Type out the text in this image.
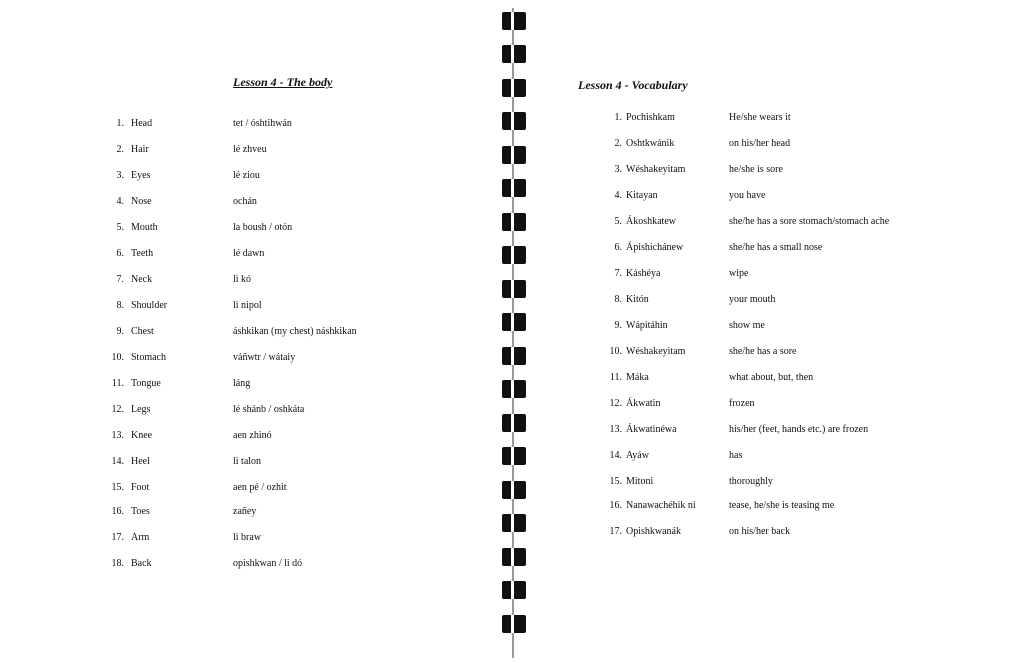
Lesson 4 - The body
1. Head	tet / óshtihwán
2. Hair	lé zhveu
3. Eyes	lé ziou
4. Nose	ochán
5. Mouth	la boush / otón
6. Teeth	lé dawn
7. Neck	li kó
8. Shoulder	li nipol
9. Chest	áshkikan (my chest) náshkikan
10. Stomach	váñwtr / wátaiy
11. Tongue	láng
12. Legs	lé shánb / oshkáta
13. Knee	aen zhinó
14. Heel	li talon
15. Foot	aen pé / ozhit
16. Toes	zañey
17. Arm	li braw
18. Back	opishkwan / li dó
Lesson 4 - Vocabulary
1. Pochishkam	He/she wears it
2. Oshtkwánik	on his/her head
3. Wéshakeyitam	he/she is sore
4. Kitayan	you have
5. Ákoshkatew	she/he has a sore stomach/stomach ache
6. Ápishichánew	she/he has a small nose
7. Káshéya	wipe
8. Kitón	your mouth
9. Wápitáhin	show me
10. Wéshakeyitam	she/he has a sore
11. Máka	what about, but, then
12. Ákwatin	frozen
13. Ákwatinéwa	his/her (feet, hands etc.) are frozen
14. Ayáw	has
15. Mitoni	thoroughly
16. Nanawachéhik ni	tease, he/she is teasing me
17. Opishkwanák	on his/her back
